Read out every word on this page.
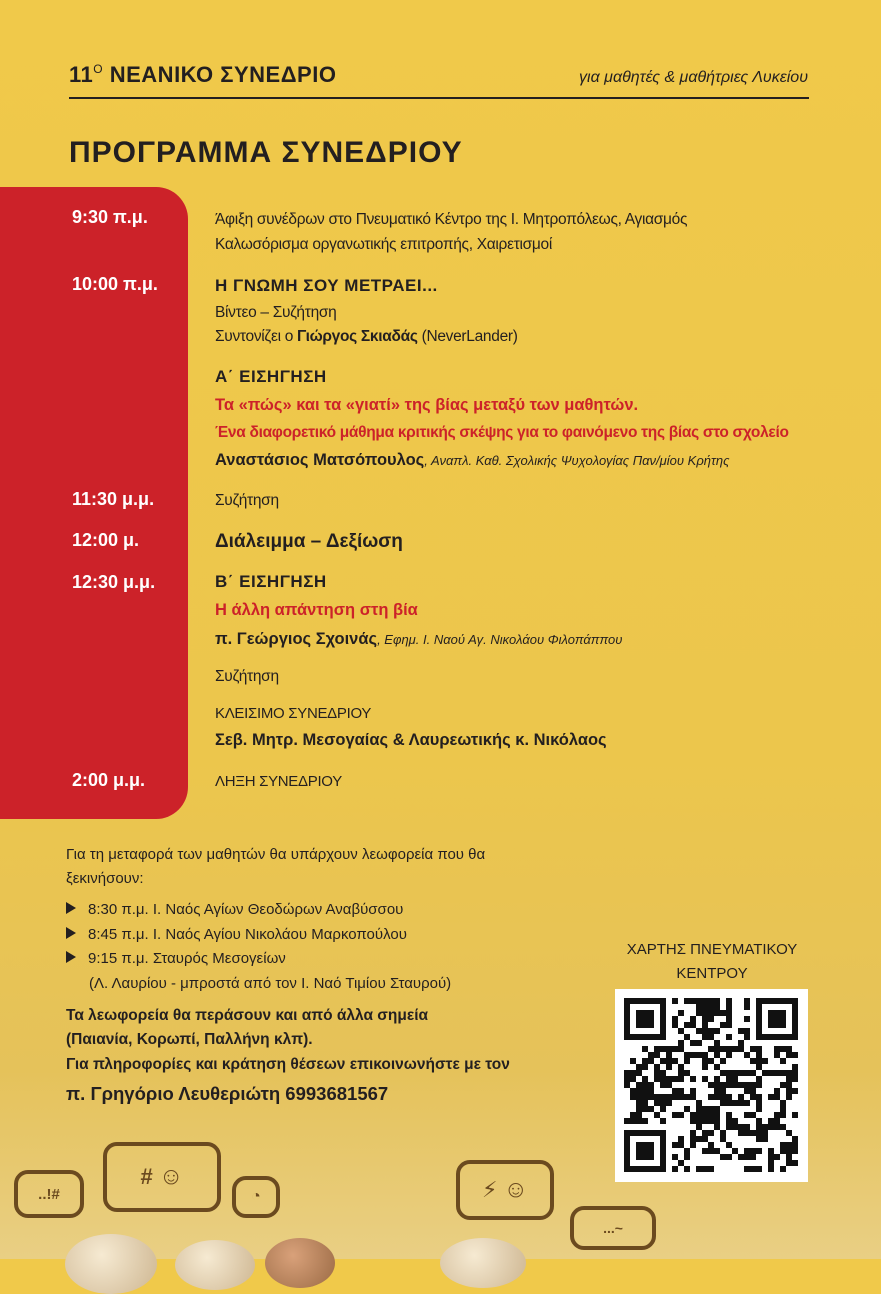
$11^O$ ΝΕΑΝΙΚΟ ΣΥΝΕΔΡΙΟ	για μαθητές & μαθήτριες Λυκείου
ΠΡΟΓΡΑΜΜΑ ΣΥΝΕΔΡΙΟΥ
9:30 π.μ.	Άφιξη συνέδρων στο Πνευματικό Κέντρο της Ι. Μητροπόλεως, Αγιασμός
Καλωσόρισμα οργανωτικής επιτροπής, Χαιρετισμοί
10:00 π.μ.	Η ΓΝΩΜΗ ΣΟΥ ΜΕΤΡΑΕΙ...
Βίντεο – Συζήτηση
Συντονίζει ο Γιώργος Σκιαδάς (NeverLander)
Α΄ ΕΙΣΗΓΗΣΗ
Τα «πώς» και τα «γιατί» της βίας μεταξύ των μαθητών.
Ένα διαφορετικό μάθημα κριτικής σκέψης για το φαινόμενο της βίας στο σχολείο
Αναστάσιος Ματσόπουλος, Αναπλ. Καθ. Σχολικής Ψυχολογίας Παν/μίου Κρήτης
11:30 μ.μ.	Συζήτηση
12:00 μ.	Διάλειμμα – Δεξίωση
12:30 μ.μ.	Β΄ ΕΙΣΗΓΗΣΗ
Η άλλη απάντηση στη βία
π. Γεώργιος Σχοινάς, Εφημ. Ι. Ναού Αγ. Νικολάου Φιλοπάππου
Συζήτηση
ΚΛΕΙΣΙΜΟ ΣΥΝΕΔΡΙΟΥ
Σεβ. Μητρ. Μεσογαίας & Λαυρεωτικής κ. Νικόλαος
2:00 μ.μ.	ΛΗΞΗ ΣΥΝΕΔΡΙΟΥ
Για τη μεταφορά των μαθητών θα υπάρχουν λεωφορεία που θα
ξεκινήσουν:
8:30 π.μ. Ι. Ναός Αγίων Θεοδώρων Αναβύσσου
8:45 π.μ. Ι. Ναός Αγίου Νικολάου Μαρκοπούλου
9:15 π.μ. Σταυρός Μεσογείων
(Λ. Λαυρίου - μπροστά από τον Ι. Ναό Τιμίου Σταυρού)
Τα λεωφορεία θα περάσουν και από άλλα σημεία
(Παιανία, Κορωπί, Παλλήνη κλπ).
Για πληροφορίες και κράτηση θέσεων επικοινωνήστε με τον
π. Γρηγόριο Λευθεριώτη 6993681567
ΧΑΡΤΗΣ ΠΝΕΥΜΑΤΙΚΟΥ
ΚΕΝΤΡΟΥ
..!#
#
☺
◔	⚡
☺
...~
